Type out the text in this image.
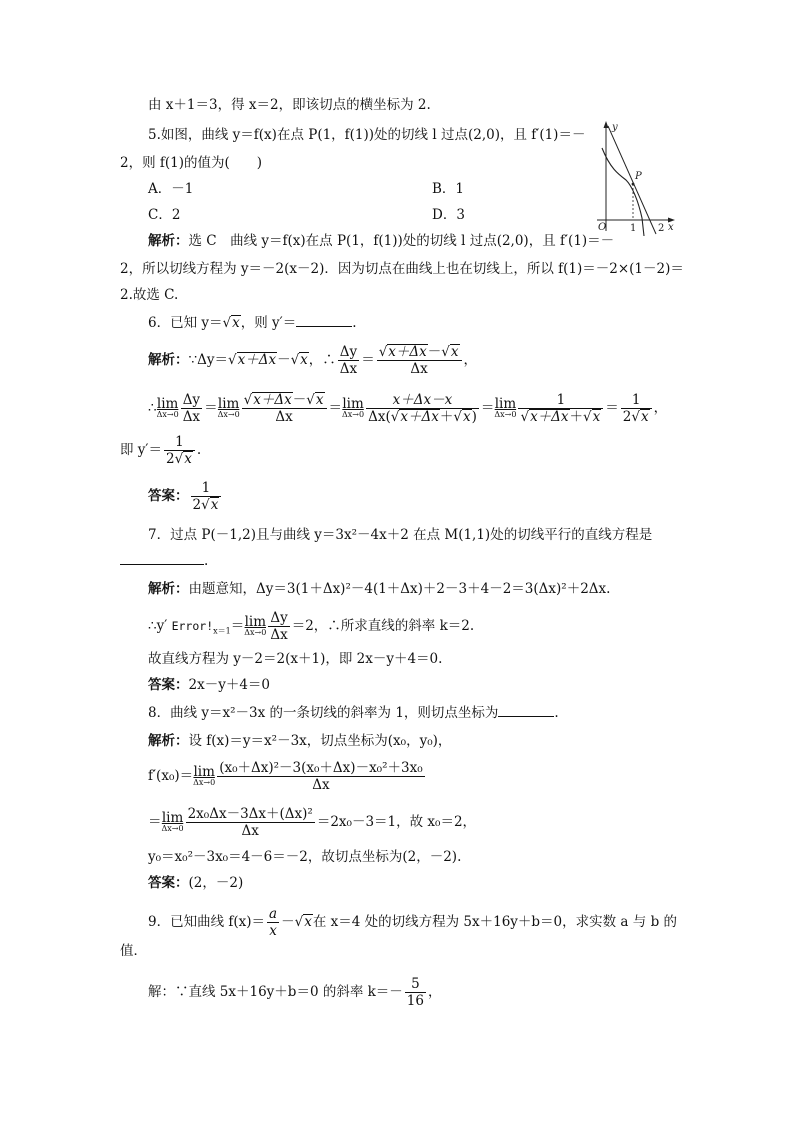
由 x＋1＝3，得 x＝2，即该切点的横坐标为 2.
5.如图，曲线 y＝f(x)在点 P(1，f(1))处的切线 l 过点(2,0)，且 f′(1)＝－
2，则 f(1)的值为(　　)
A．－1	B．1
C．2	D．3
y
x
O 1 2
P
解析：选 C　曲线 y＝f(x)在点 P(1，f(1))处的切线 l 过点(2,0)，且 f′(1)＝－
2，所以切线方程为 y＝－2(x－2)．因为切点在曲线上也在切线上，所以 f(1)＝－2×(1－2)＝
2.故选 C.
6．已知 y＝√x，则 y′＝	.
解析：∵Δy＝√x＋Δx－√x，∴ $\frac{\Delta y}{\Delta x} = \frac{√x+\Delta x-√x}{\Delta x}$ ，
∴ lim
$\Delta x\to 0 \frac{\Delta y}{\Delta x} = \lim$
$\Delta x\to 0 \frac{√x+\Delta x-√x}{\Delta x} = \lim$
$\Delta x\to 0 \frac{x+\Delta x-x}{\Delta x(√x+\Delta x+√x)} = \lim$
$\Delta x\to 0 \frac{1}{√x+\Delta x+√x} = \frac{1}{2√x}$ ，
即 $y'= \frac{1}{2√x}$ .
答案： $\frac{1}{2√x}$
7．过点 P(－1,2)且与曲线 y＝3x²－4x＋2 在点 M(1,1)处的切线平行的直线方程是
.
解析：由题意知，Δy＝3(1＋Δx)²－4(1＋Δx)＋2－3＋4－2＝3(Δx)²＋2Δx.
∴y′ $Error!_{x=1}= \lim$
$\Delta x\to 0 \frac{\Delta y}{\Delta x} =2$，∴所求直线的斜率 k＝2.
故直线方程为 y－2＝2(x＋1)，即 2x－y＋4＝0.
答案：2x－y＋4＝0
8．曲线 y＝x²－3x 的一条切线的斜率为 1，则切点坐标为	.
解析：设 f(x)＝y＝x²－3x，切点坐标为(x₀，y₀)，
f′(x₀)＝ lim
$\Delta x\to 0 \frac{\text{(x₀＋Δx)²－3(x₀＋Δx)－x₀²＋3x₀}}{\Delta x}$
＝ lim
$\Delta x\to 0 \frac{\text{2x₀Δx－3Δx＋(Δx)²}}{\Delta x} =2x_0-3=1$，故 x₀＝2，
y₀＝x₀²－3x₀＝4－6＝－2，故切点坐标为(2，－2).
答案：(2，－2)
9．已知曲线 $f(x)= \frac{a}{x} -√x$在 x＝4 处的切线方程为 5x＋16y＋b＝0，求实数 a 与 b 的
值．
解：∵直线 5x＋16y＋b＝0 的斜率 $k=- \frac{5}{16}$ ，
